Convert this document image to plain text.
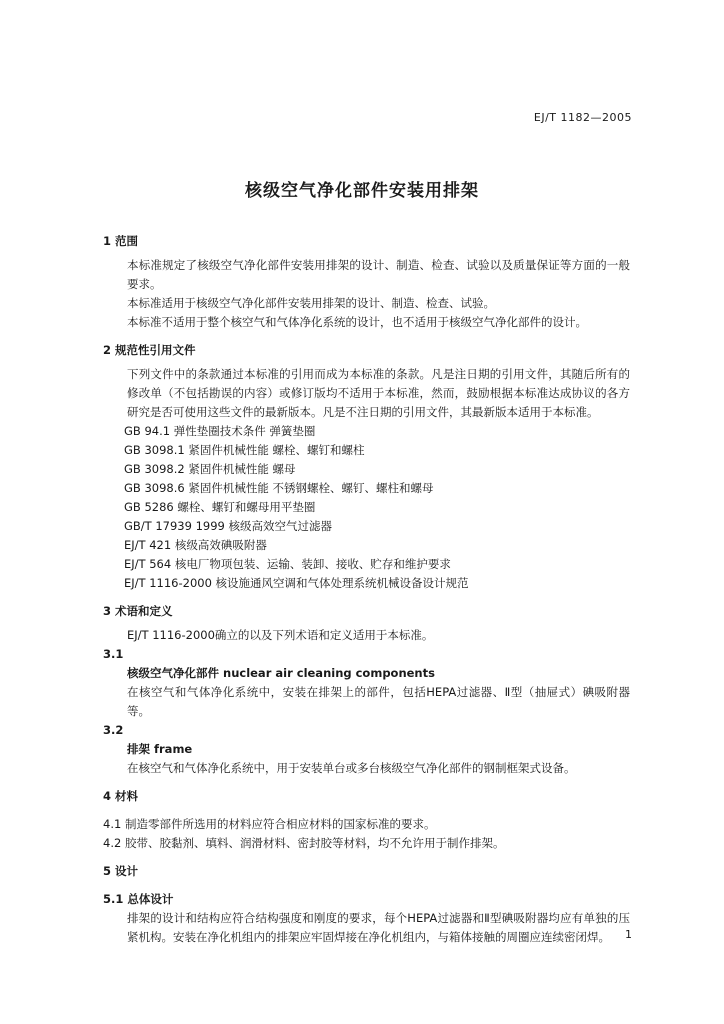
EJ/T 1182—2005
核级空气净化部件安装用排架
1 范围
本标准规定了核级空气净化部件安装用排架的设计、制造、检查、试验以及质量保证等方面的一般要求。
本标准适用于核级空气净化部件安装用排架的设计、制造、检查、试验。
本标准不适用于整个核空气和气体净化系统的设计，也不适用于核级空气净化部件的设计。
2 规范性引用文件
下列文件中的条款通过本标准的引用而成为本标准的条款。凡是注日期的引用文件，其随后所有的修改单（不包括勘误的内容）或修订版均不适用于本标准，然而，鼓励根据本标准达成协议的各方研究是否可使用这些文件的最新版本。凡是不注日期的引用文件，其最新版本适用于本标准。
GB 94.1 弹性垫圈技术条件 弹簧垫圈
GB 3098.1 紧固件机械性能 螺栓、螺钉和螺柱
GB 3098.2 紧固件机械性能 螺母
GB 3098.6 紧固件机械性能 不锈钢螺栓、螺钉、螺柱和螺母
GB 5286 螺栓、螺钉和螺母用平垫圈
GB/T 17939 1999 核级高效空气过滤器
EJ/T 421 核级高效碘吸附器
EJ/T 564 核电厂物项包装、运输、装卸、接收、贮存和维护要求
EJ/T 1116-2000 核设施通风空调和气体处理系统机械设备设计规范
3 术语和定义
EJ/T 1116-2000确立的以及下列术语和定义适用于本标准。
3.1
核级空气净化部件 nuclear air cleaning components
在核空气和气体净化系统中，安装在排架上的部件，包括HEPA过滤器、Ⅱ型（抽屉式）碘吸附器等。
3.2
排架 frame
在核空气和气体净化系统中，用于安装单台或多台核级空气净化部件的钢制框架式设备。
4 材料
4.1 制造零部件所选用的材料应符合相应材料的国家标准的要求。
4.2 胶带、胶黏剂、填料、润滑材料、密封胶等材料，均不允许用于制作排架。
5 设计
5.1 总体设计
排架的设计和结构应符合结构强度和刚度的要求，每个HEPA过滤器和Ⅱ型碘吸附器均应有单独的压紧机构。安装在净化机组内的排架应牢固焊接在净化机组内，与箱体接触的周圈应连续密闭焊。	1
